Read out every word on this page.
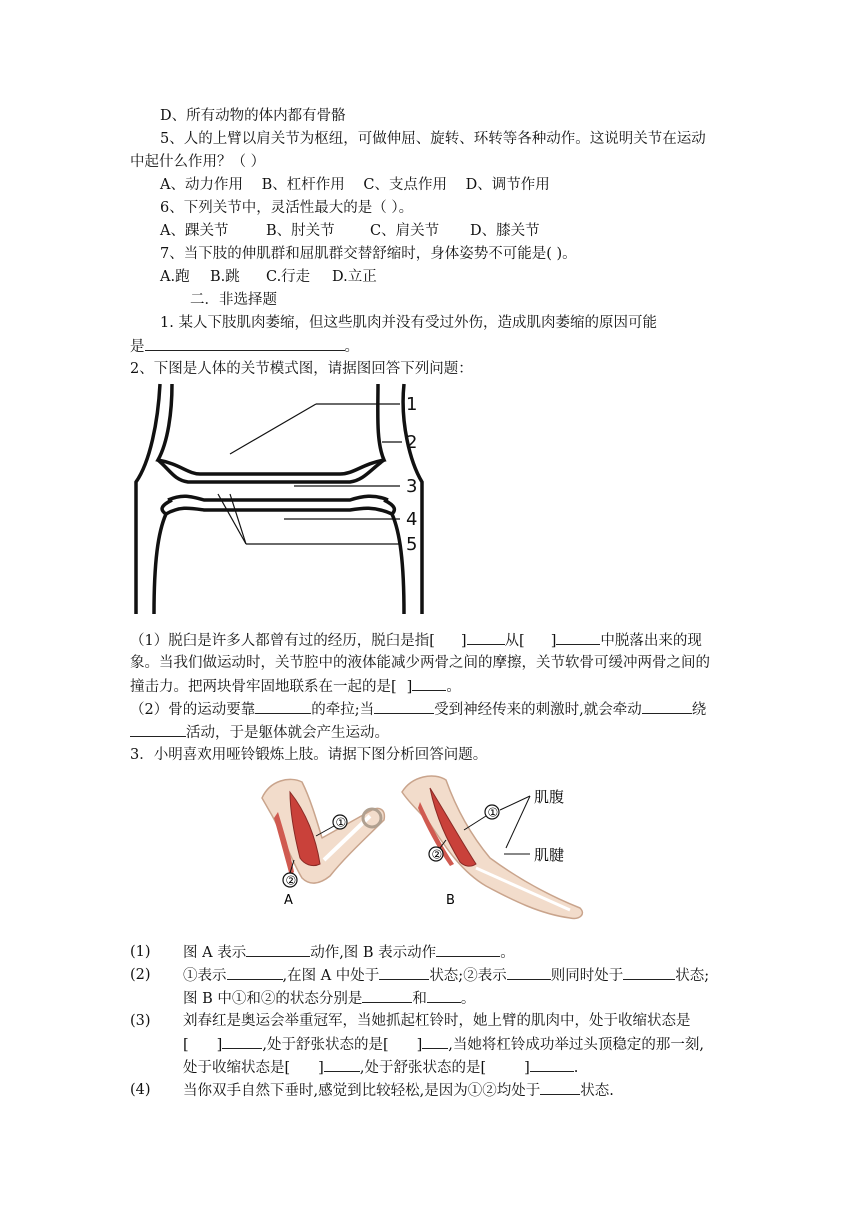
D、所有动物的体内都有骨骼
5、人的上臂以肩关节为枢纽，可做伸屈、旋转、环转等各种动作。这说明关节在运动
中起什么作用？（ ）
A、动力作用 B、杠杆作用 C、支点作用 D、调节作用
6、下列关节中，灵活性最大的是（ ）。
A、踝关节	B、肘关节 C、肩关节 D、膝关节
7、当下肢的伸肌群和屈肌群交替舒缩时，身体姿势不可能是( )。
A.跑 B.跳 C.行走 D.立正
二．非选择题
1. 某人下肢肌肉萎缩，但这些肌肉并没有受过外伤，造成肌肉萎缩的原因可能
是	。
2、下图是人体的关节模式图，请据图回答下列问题：
1
2
3
4
5
（1）脱臼是许多人都曾有过的经历，脱臼是指[ ]	从[ ]	中脱落出来的现
象。当我们做运动时，关节腔中的液体能减少两骨之间的摩擦，关节软骨可缓冲两骨之间的
撞击力。把两块骨牢固地联系在一起的是[ ] 。
（2）骨的运动要靠	的牵拉;当	受到神经传来的刺激时,就会牵动	绕
活动，于是躯体就会产生运动。
3．小明喜欢用哑铃锻炼上肢。请据下图分析回答问题。
①
②
A
①
②
B
肌腹
肌腱
(1) 图 A 表示	动作,图 B 表示动作	。
(2) ①表示	,在图 A 中处于	状态;②表示	则同时处于	状态;
图 B 中①和②的状态分别是	和 。
(3) 刘春红是奥运会举重冠军，当她抓起杠铃时，她上臂的肌肉中，处于收缩状态是
[ ]	,处于舒张状态的是[ ] ,当她将杠铃成功举过头顶稳定的那一刻,
处于收缩状态是[ ] ,处于舒张状态的是[	]	.
(4) 当你双手自然下垂时,感觉到比较轻松,是因为①②均处于	状态.
